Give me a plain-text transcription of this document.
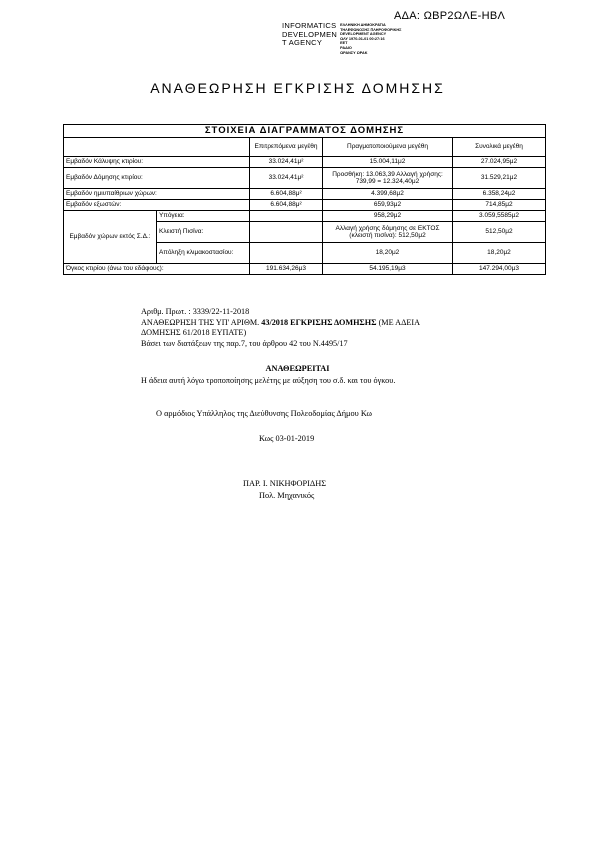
ΑΔΑ: ΩΒΡ2ΩΛΕ-ΗΒΛ
INFORMATICS
DEVELOPMEN
T AGENCY
ΕΛΛΗΝΙΚΗ ΔΗΜΟΚΡΑΤΙΑ
ΤΗΛΕΦΩΝΟΣΗΣ ΠΛΗΡΟΦΟΡΙΚΗΣ
DEVELOPMENT AGENCY
ΩΛΥ 1970-01-01 00:27:16
EET
ΡΑΔΙΟ
ΩΡΑΝΣΥ ΩΡΑΚ
ΑΝΑΘΕΩΡΗΣΗ ΕΓΚΡΙΣΗΣ ΔΟΜΗΣΗΣ
ΣΤΟΙΧΕΙΑ ΔΙΑΓΡΑΜΜΑΤΟΣ ΔΟΜΗΣΗΣ				
		Επιτρεπόμενα μεγέθη	Πραγματοποιούμενα μεγέθη	Συνολικά μεγέθη
Εμβαδόν Κάλυψης κτιρίου:		33.024,41μ²	15.004,11μ2	27.024,95μ2
Εμβαδόν Δόμησης κτιρίου:		33.024,41μ²	Προσθήκη: 13.063,39 Αλλαγή χρήσης: 739,99 = 12.324,40μ2	31.529,21μ2
Εμβαδόν ημιυπαίθριων χώρων:		6.604,88μ²	4.399,68μ2	6.358,24μ2
Εμβαδόν εξωστών:		6.604,88μ²	659,93μ2	714,85μ2
Εμβαδόν χώρων εκτός Σ.Δ.:	Υπόγεια:		958,29μ2	3.059,5585μ2
	Κλειστή Πισίνα:		Αλλαγή χρήσης δόμησης σε ΕΚΤΟΣ (κλειστή πισίνα): 512,50μ2	512,50μ2
	Απόληξη κλιμακοστασίου:		18,20μ2	18,20μ2
Όγκος κτιρίου (άνω του εδάφους):		191.634,26μ3	54.195,19μ3	147.294,00μ3
Αριθμ. Πρωτ. : 3339/22-11-2018
ΑΝΑΘΕΩΡΗΣΗ ΤΗΣ ΥΠ' ΑΡΙΘΜ. 43/2018 ΕΓΚΡΙΣΗΣ ΔΟΜΗΣΗΣ (ΜΕ ΑΔΕΙΑ
ΔΟΜΗΣΗΣ 61/2018 ΕΥΠΑΤΕ)
Βάσει των διατάξεων της παρ.7, του άρθρου 42 του Ν.4495/17
ΑΝΑΘΕΩΡΕΙΤΑΙ
Η άδεια αυτή λόγω τροποποίησης μελέτης με αύξηση του σ.δ. και του όγκου.
Ο αρμόδιος Υπάλληλος της Διεύθυνσης Πολεοδομίας Δήμου Κω
Κως 03-01-2019
ΠΑΡ. Ι. ΝΙΚΗΦΟΡΙΔΗΣ
Πολ. Μηχανικός
